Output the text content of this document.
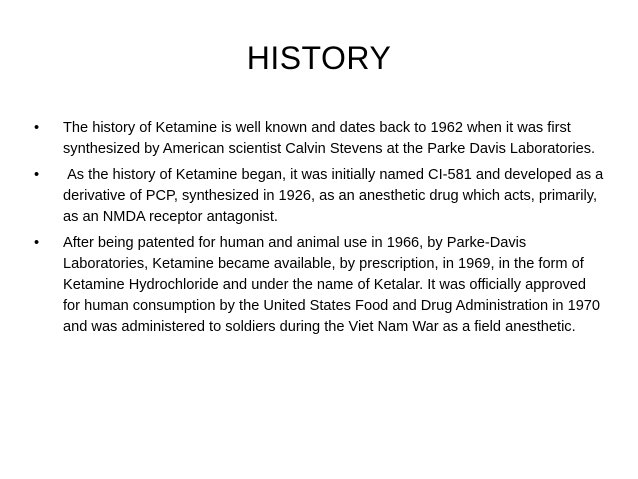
HISTORY
• The history of Ketamine is well known and dates back to 1962 when it was first synthesized by American scientist Calvin Stevens at the Parke Davis Laboratories.
• As the history of Ketamine began, it was initially named CI-581 and developed as a derivative of PCP, synthesized in 1926, as an anesthetic drug which acts, primarily, as an NMDA receptor antagonist.
• After being patented for human and animal use in 1966, by Parke-Davis Laboratories, Ketamine became available, by prescription, in 1969, in the form of Ketamine Hydrochloride and under the name of Ketalar. It was officially approved for human consumption by the United States Food and Drug Administration in 1970 and was administered to soldiers during the Viet Nam War as a field anesthetic.
